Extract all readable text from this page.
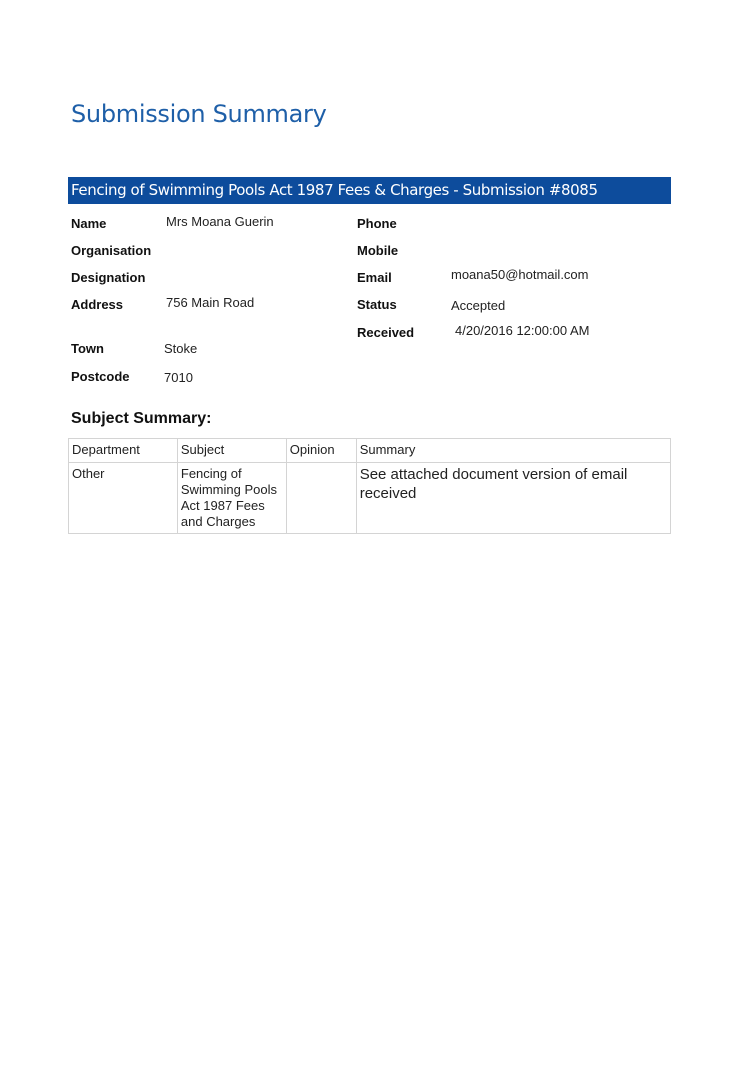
Submission Summary
Fencing of Swimming Pools Act 1987 Fees & Charges - Submission #8085
Name	Mrs Moana Guerin
Organisation
Designation
Address	756 Main Road
Town	Stoke
Postcode	7010
Phone
Mobile
Email	moana50@hotmail.com
Status	Accepted
Received	4/20/2016 12:00:00 AM
Subject Summary:
Department	Subject	Opinion	Summary
Other	Fencing of Swimming Pools Act 1987 Fees and Charges		See attached document version of email received
